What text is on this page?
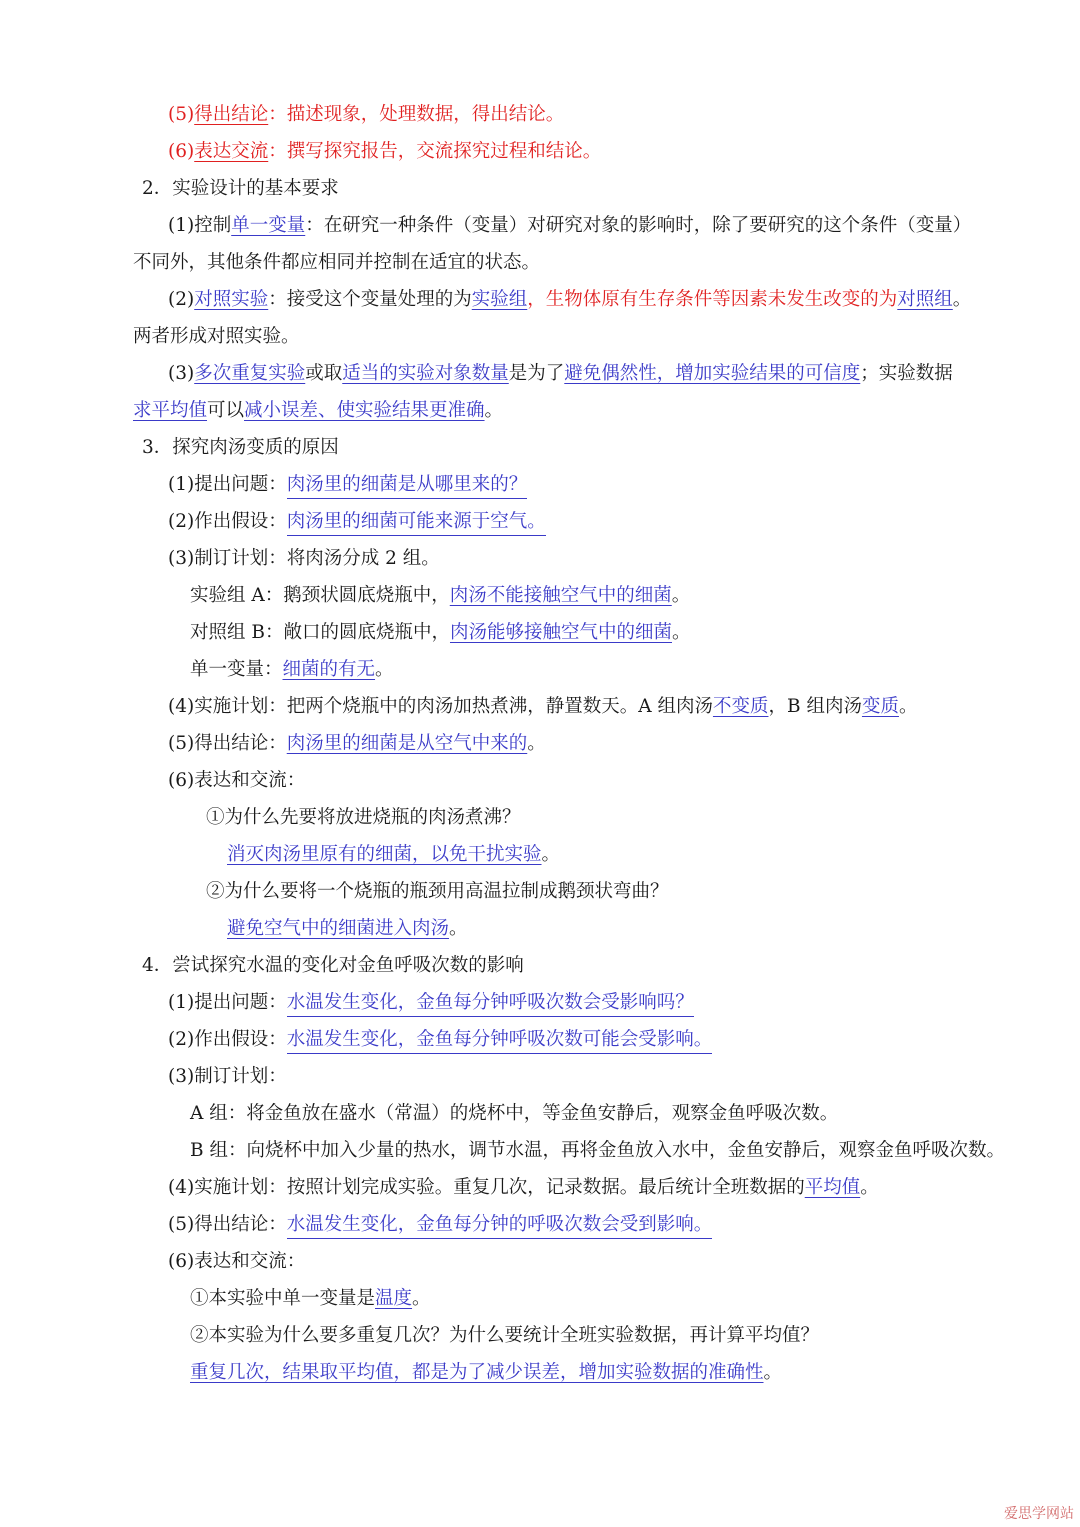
(5)得出结论：描述现象，处理数据，得出结论。
(6)表达交流：撰写探究报告，交流探究过程和结论。
2．实验设计的基本要求
(1)控制单一变量：在研究一种条件（变量）对研究对象的影响时，除了要研究的这个条件（变量）
不同外，其他条件都应相同并控制在适宜的状态。
(2)对照实验：接受这个变量处理的为实验组，生物体原有生存条件等因素未发生改变的为对照组。
两者形成对照实验。
(3)多次重复实验或取适当的实验对象数量是为了避免偶然性，增加实验结果的可信度；实验数据
求平均值可以减小误差、使实验结果更准确。
3．探究肉汤变质的原因
(1)提出问题：肉汤里的细菌是从哪里来的？
(2)作出假设：肉汤里的细菌可能来源于空气。
(3)制订计划：将肉汤分成 2 组。
实验组 A：鹅颈状圆底烧瓶中，肉汤不能接触空气中的细菌。
对照组 B：敞口的圆底烧瓶中，肉汤能够接触空气中的细菌。
单一变量：细菌的有无。
(4)实施计划：把两个烧瓶中的肉汤加热煮沸，静置数天。A 组肉汤不变质，B 组肉汤变质。
(5)得出结论：肉汤里的细菌是从空气中来的。
(6)表达和交流：
①为什么先要将放进烧瓶的肉汤煮沸？
消灭肉汤里原有的细菌，以免干扰实验。
②为什么要将一个烧瓶的瓶颈用高温拉制成鹅颈状弯曲？
避免空气中的细菌进入肉汤。
4．尝试探究水温的变化对金鱼呼吸次数的影响
(1)提出问题：水温发生变化，金鱼每分钟呼吸次数会受影响吗？
(2)作出假设：水温发生变化，金鱼每分钟呼吸次数可能会受影响。
(3)制订计划：
A 组：将金鱼放在盛水（常温）的烧杯中，等金鱼安静后，观察金鱼呼吸次数。
B 组：向烧杯中加入少量的热水，调节水温，再将金鱼放入水中，金鱼安静后，观察金鱼呼吸次数。
(4)实施计划：按照计划完成实验。重复几次，记录数据。最后统计全班数据的平均值。
(5)得出结论：水温发生变化，金鱼每分钟的呼吸次数会受到影响。
(6)表达和交流：
①本实验中单一变量是温度。
②本实验为什么要多重复几次？为什么要统计全班实验数据，再计算平均值？
重复几次，结果取平均值，都是为了减少误差，增加实验数据的准确性。
爱思学网站
